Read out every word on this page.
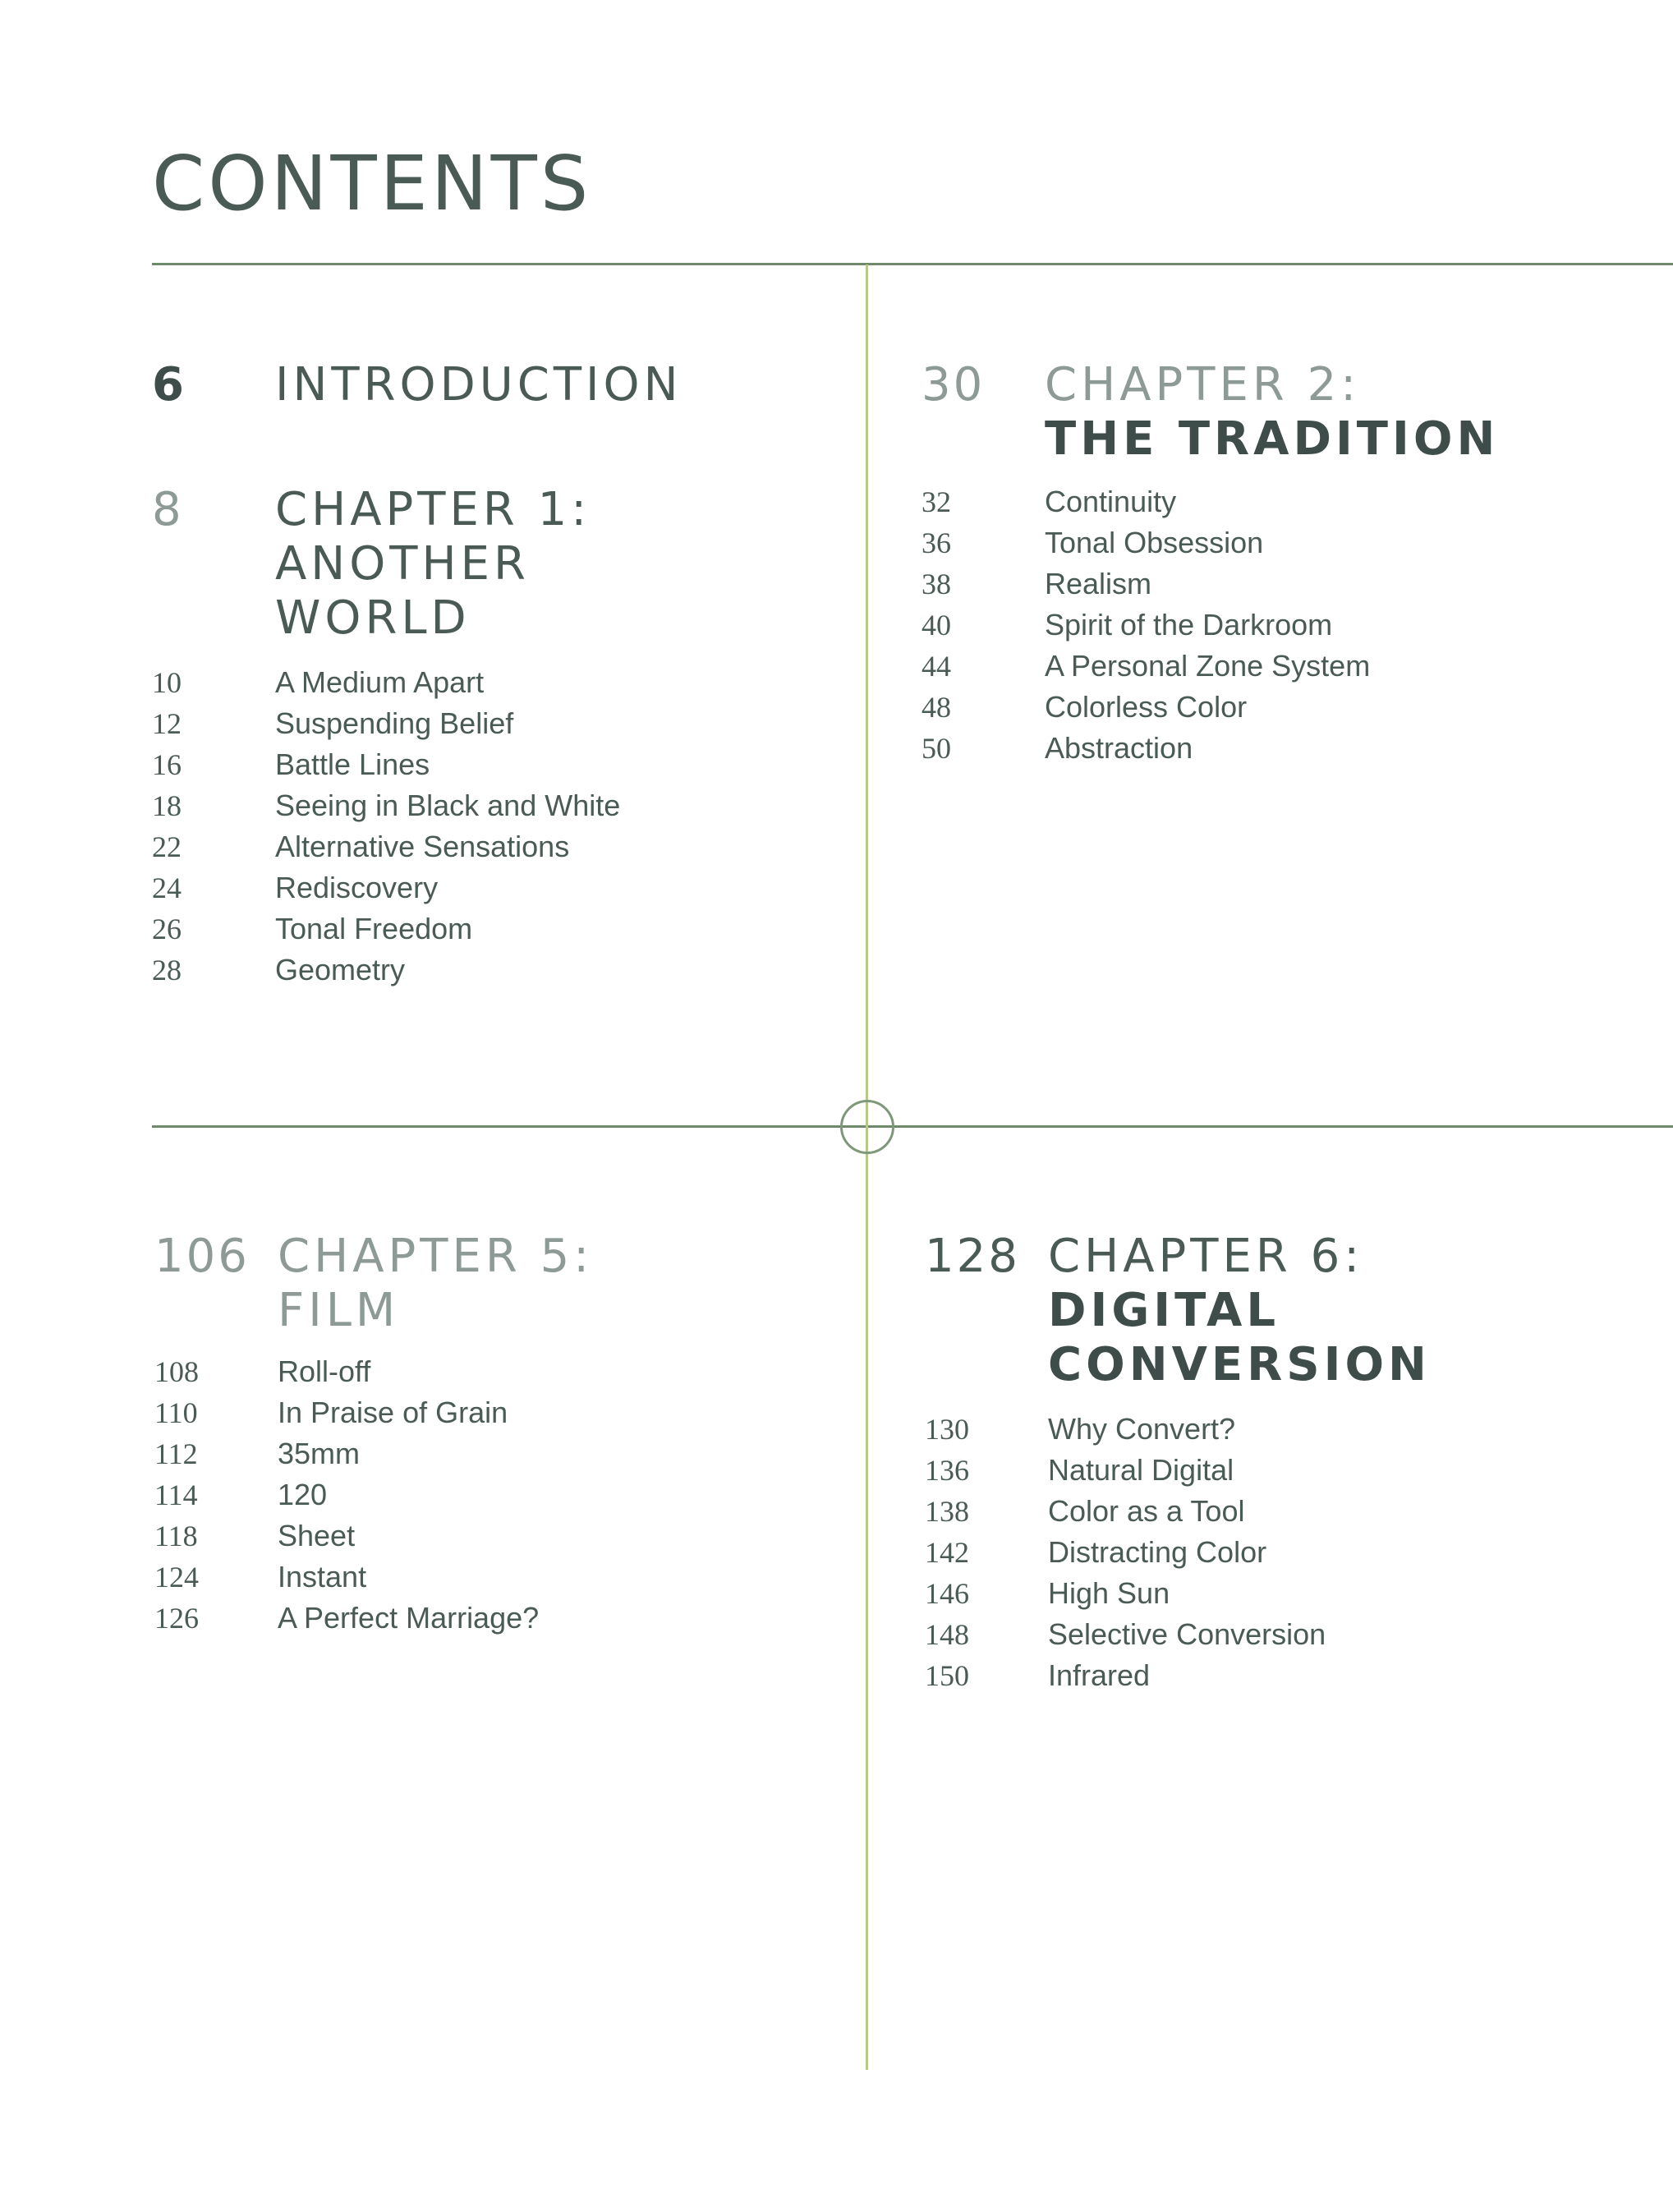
CONTENTS
6 INTRODUCTION
8 CHAPTER 1:
ANOTHER
WORLD
10	A Medium Apart
12	Suspending Belief
16	Battle Lines
18	Seeing in Black and White
22	Alternative Sensations
24	Rediscovery
26	Tonal Freedom
28	Geometry
30 CHAPTER 2:
THE TRADITION
32	Continuity
36	Tonal Obsession
38	Realism
40	Spirit of the Darkroom
44	A Personal Zone System
48	Colorless Color
50	Abstraction
106 CHAPTER 5:
FILM
108	Roll-off
110	In Praise of Grain
112	35mm
114	120
118	Sheet
124	Instant
126	A Perfect Marriage?
128 CHAPTER 6:
DIGITAL
CONVERSION
130	Why Convert?
136	Natural Digital
138	Color as a Tool
142	Distracting Color
146	High Sun
148	Selective Conversion
150	Infrared
